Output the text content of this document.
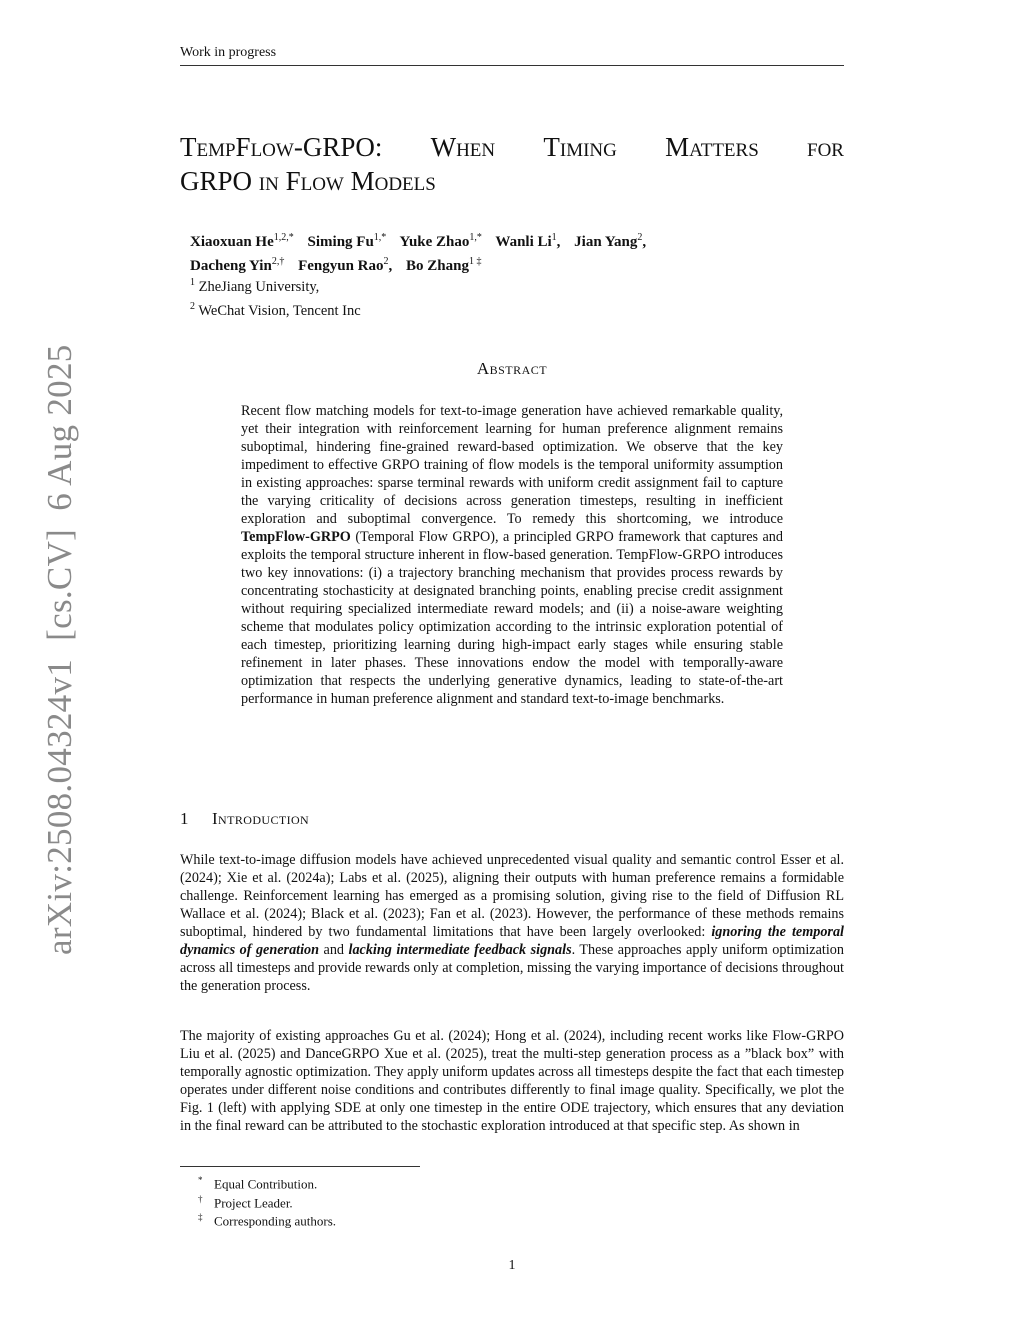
Work in progress
TempFlow-GRPO: When Timing Matters for
GRPO in Flow Models
Xiaoxuan $He^{1,2,*}$ Siming $Fu^{1,*}$ Yuke Zhao$^{1,*}$ Wanli Li$^1$, Jian Yang$^2$,
Dacheng Yin$^{2,\dagger}$ Fengyun Rao$^2$, Bo Zhang$^{1 \ddagger}$
$^1$ ZheJiang University,
$^2$ WeChat Vision, Tencent Inc
Abstract
Recent flow matching models for text-to-image generation have achieved remarkable quality, yet their integration with reinforcement learning for human preference alignment remains suboptimal, hindering fine-grained reward-based optimization. We observe that the key impediment to effective GRPO training of flow models is the temporal uniformity assumption in existing approaches: sparse terminal rewards with uniform credit assignment fail to capture the varying criticality of decisions across generation timesteps, resulting in inefficient exploration and suboptimal convergence. To remedy this shortcoming, we introduce TempFlow-GRPO (Temporal Flow GRPO), a principled GRPO framework that captures and exploits the temporal structure inherent in flow-based generation. TempFlow-GRPO introduces two key innovations: (i) a trajectory branching mechanism that provides process rewards by concentrating stochasticity at designated branching points, enabling precise credit assignment without requiring specialized intermediate reward models; and (ii) a noise-aware weighting scheme that modulates policy optimization according to the intrinsic exploration potential of each timestep, prioritizing learning during high-impact early stages while ensuring stable refinement in later phases. These innovations endow the model with temporally-aware optimization that respects the underlying generative dynamics, leading to state-of-the-art performance in human preference alignment and standard text-to-image benchmarks.
1 Introduction
While text-to-image diffusion models have achieved unprecedented visual quality and semantic control Esser et al. (2024); Xie et al. (2024a); Labs et al. (2025), aligning their outputs with human preference remains a formidable challenge. Reinforcement learning has emerged as a promising solution, giving rise to the field of Diffusion RL Wallace et al. (2024); Black et al. (2023); Fan et al. (2023). However, the performance of these methods remains suboptimal, hindered by two fundamental limitations that have been largely overlooked: ignoring the temporal dynamics of generation and lacking intermediate feedback signals. These approaches apply uniform optimization across all timesteps and provide rewards only at completion, missing the varying importance of decisions throughout the generation process.
The majority of existing approaches Gu et al. (2024); Hong et al. (2024), including recent works like Flow-GRPO Liu et al. (2025) and DanceGRPO Xue et al. (2025), treat the multi-step generation process as a ”black box” with temporally agnostic optimization. They apply uniform updates across all timesteps despite the fact that each timestep operates under different noise conditions and contributes differently to final image quality. Specifically, we plot the Fig. 1 (left) with applying SDE at only one timestep in the entire ODE trajectory, which ensures that any deviation in the final reward can be attributed to the stochastic exploration introduced at that specific step. As shown in
* Equal Contribution.
† Project Leader.
‡ Corresponding authors.
1
arXiv:2508.04324v1  [cs.CV]  6 Aug 2025
